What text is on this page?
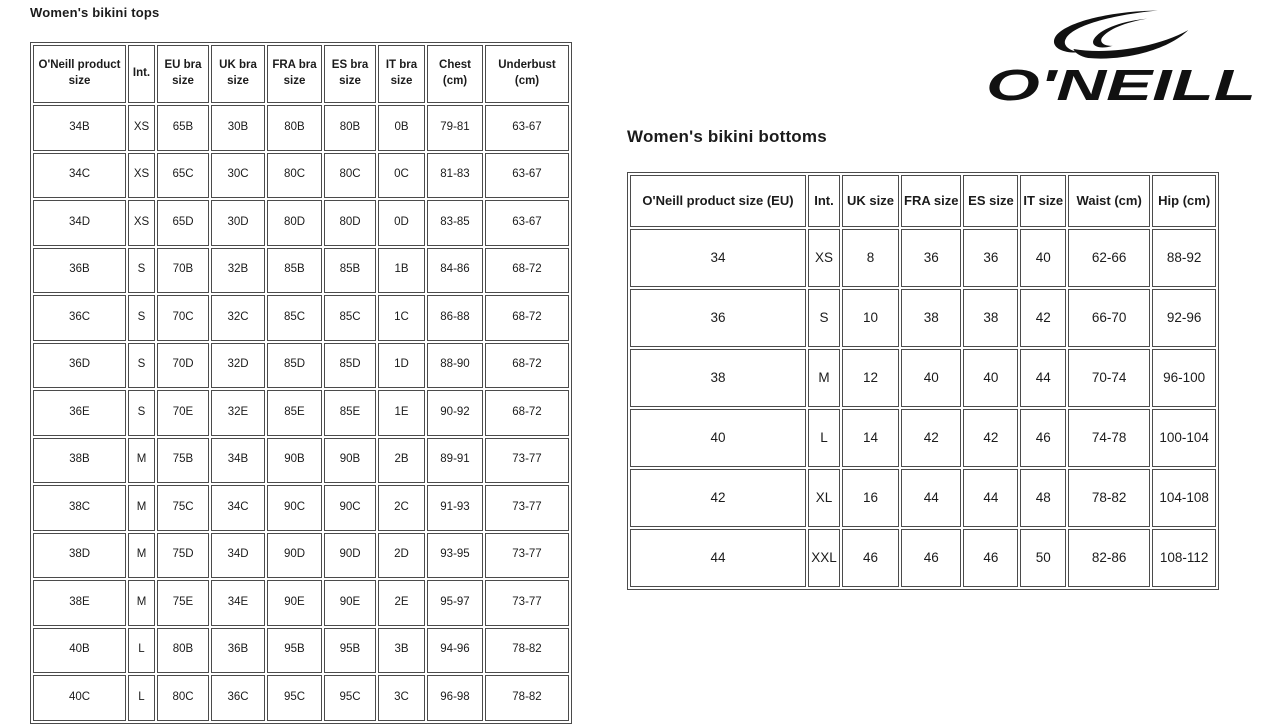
Women's bikini tops
O'Neill product size	Int.	EU bra size	UK bra size	FRA bra size	ES bra size	IT bra size	Chest (cm)	Underbust (cm)
34B	XS	65B	30B	80B	80B	0B	79-81	63-67
34C	XS	65C	30C	80C	80C	0C	81-83	63-67
34D	XS	65D	30D	80D	80D	0D	83-85	63-67
36B	S	70B	32B	85B	85B	1B	84-86	68-72
36C	S	70C	32C	85C	85C	1C	86-88	68-72
36D	S	70D	32D	85D	85D	1D	88-90	68-72
36E	S	70E	32E	85E	85E	1E	90-92	68-72
38B	M	75B	34B	90B	90B	2B	89-91	73-77
38C	M	75C	34C	90C	90C	2C	91-93	73-77
38D	M	75D	34D	90D	90D	2D	93-95	73-77
38E	M	75E	34E	90E	90E	2E	95-97	73-77
40B	L	80B	36B	95B	95B	3B	94-96	78-82
40C	L	80C	36C	95C	95C	3C	96-98	78-82
O'NEILL
Women's bikini bottoms
O'Neill product size (EU)	Int.	UK size	FRA size	ES size	IT size	Waist (cm)	Hip (cm)
34	XS	8	36	36	40	62-66	88-92
36	S	10	38	38	42	66-70	92-96
38	M	12	40	40	44	70-74	96-100
40	L	14	42	42	46	74-78	100-104
42	XL	16	44	44	48	78-82	104-108
44	XXL	46	46	46	50	82-86	108-112
